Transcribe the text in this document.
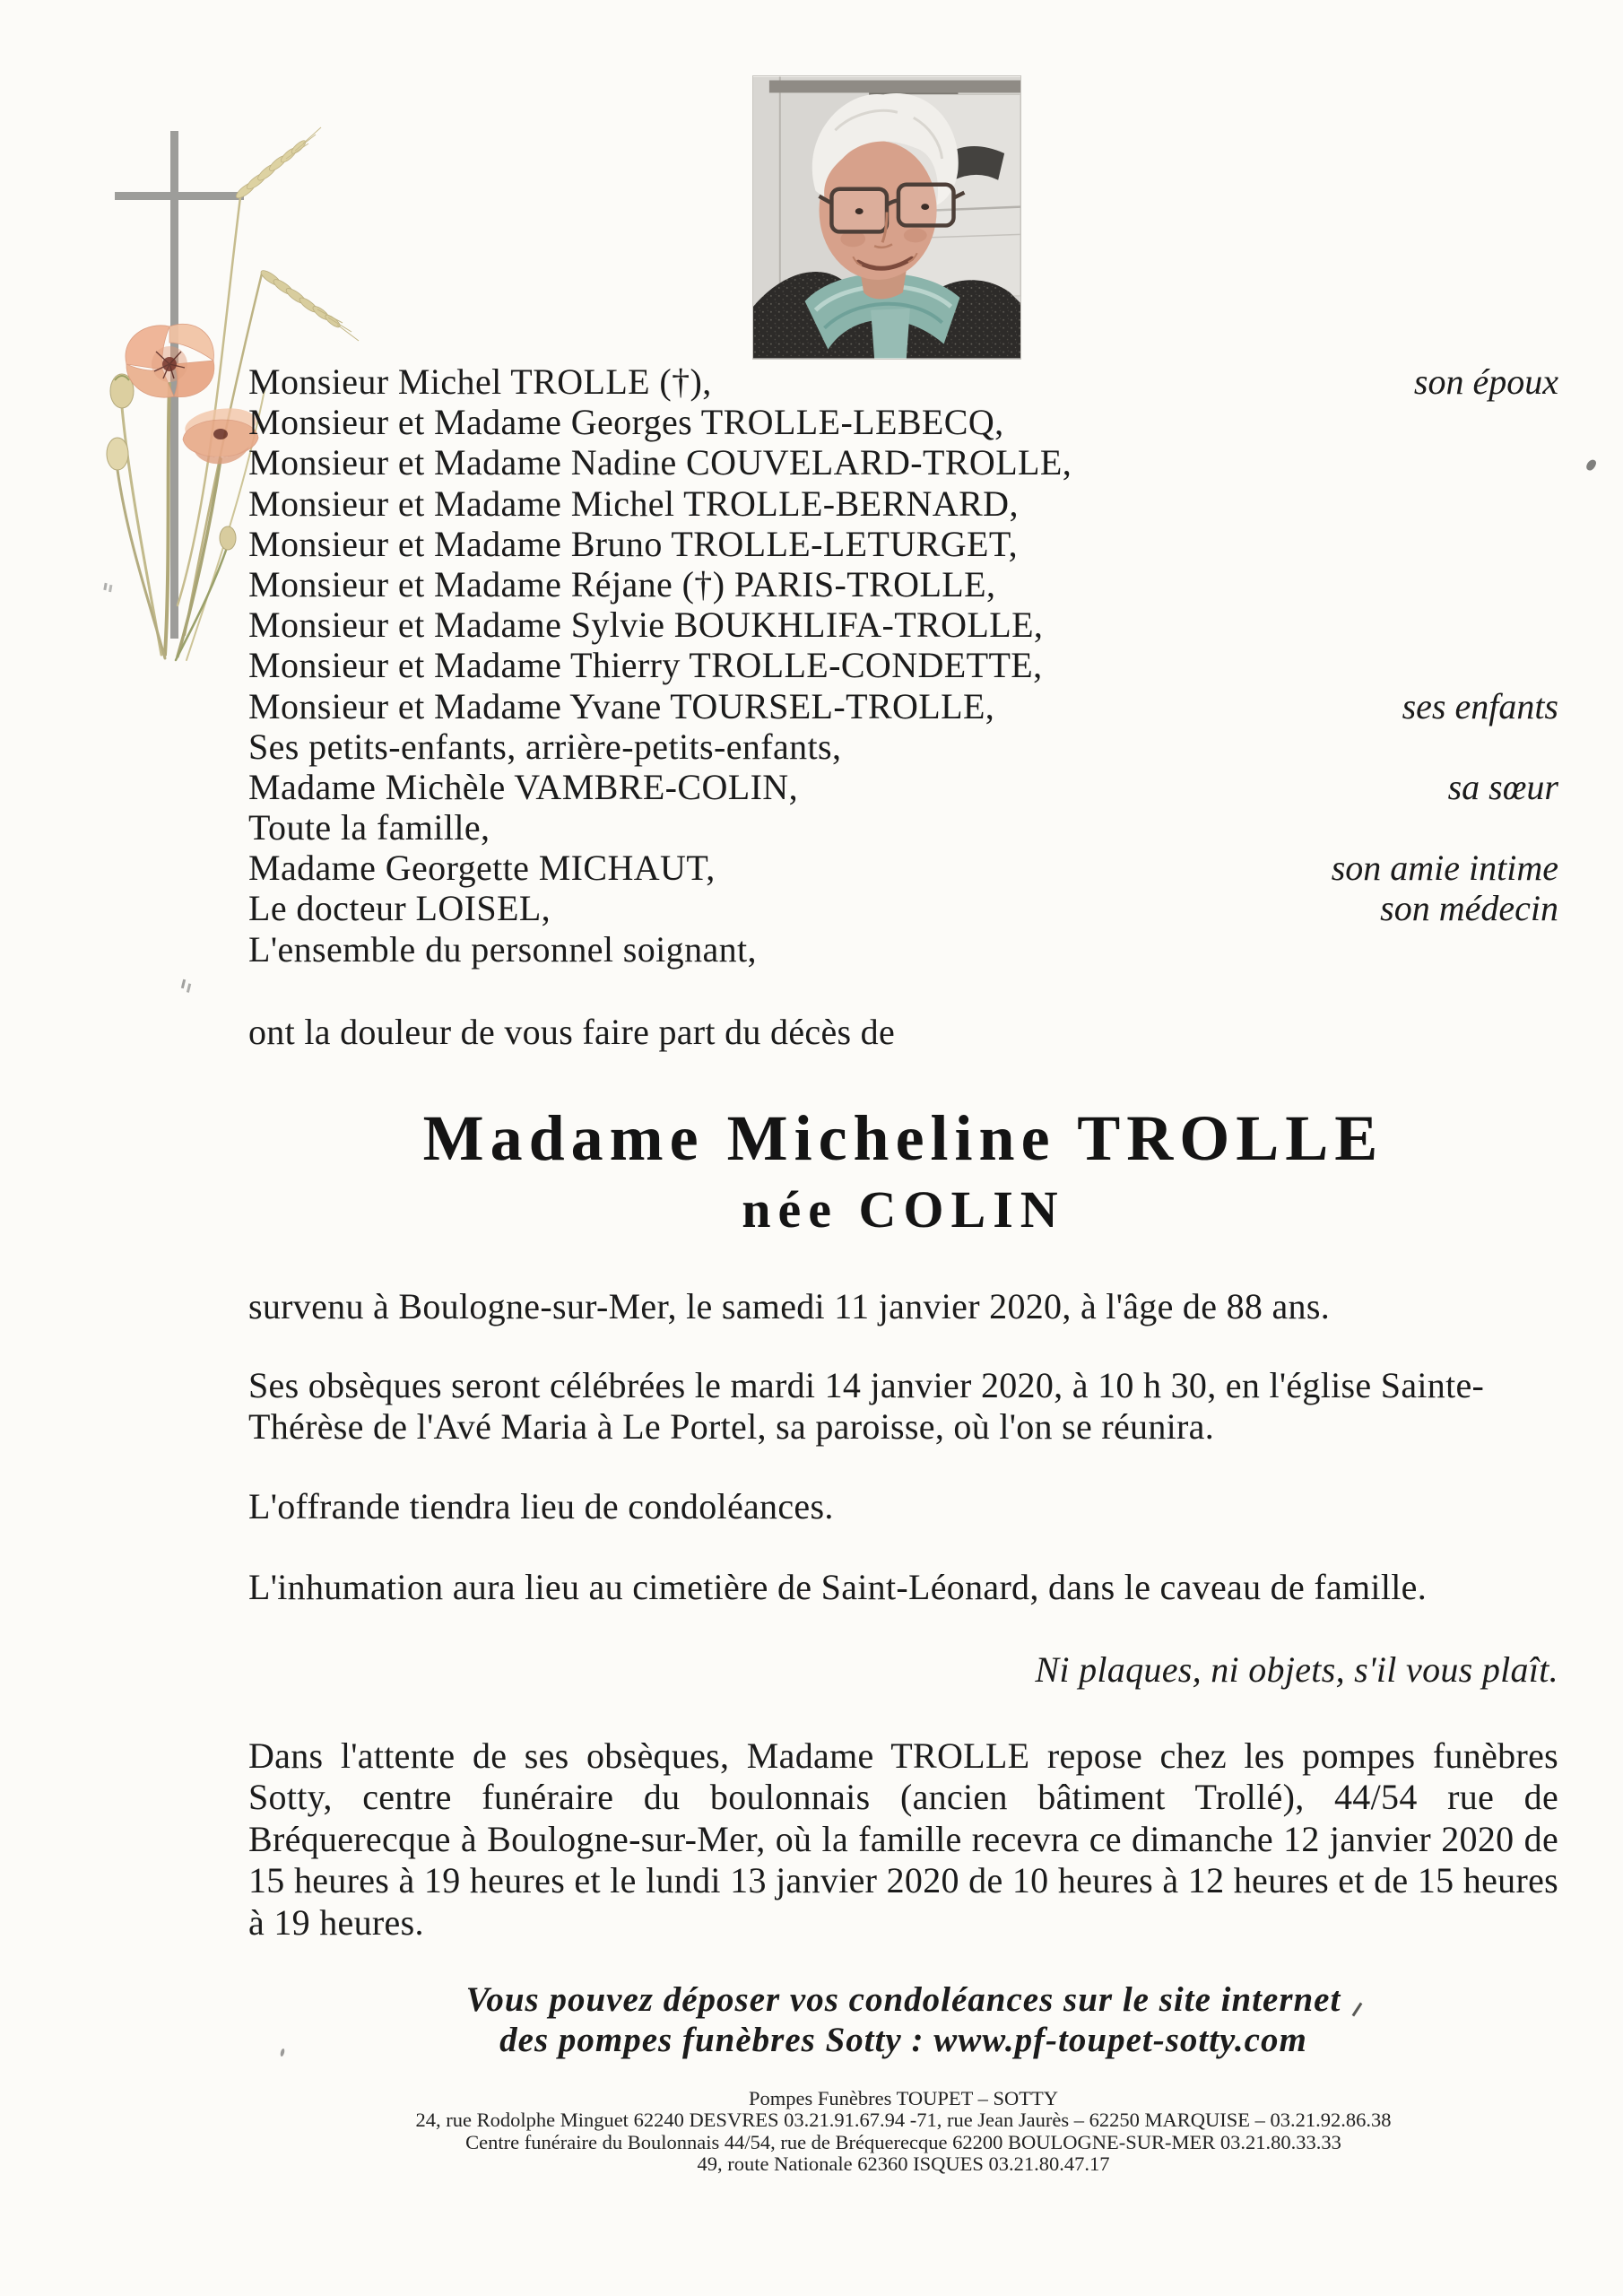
Monsieur Michel TROLLE (†),	son époux
Monsieur et Madame Georges TROLLE-LEBECQ,
Monsieur et Madame Nadine COUVELARD-TROLLE,
Monsieur et Madame Michel TROLLE-BERNARD,
Monsieur et Madame Bruno TROLLE-LETURGET,
Monsieur et Madame Réjane (†) PARIS-TROLLE,
Monsieur et Madame Sylvie BOUKHLIFA-TROLLE,
Monsieur et Madame Thierry TROLLE-CONDETTE,
Monsieur et Madame Yvane TOURSEL-TROLLE,	ses enfants
Ses petits-enfants, arrière-petits-enfants,
Madame Michèle VAMBRE-COLIN,	sa sœur
Toute la famille,
Madame Georgette MICHAUT,	son amie intime
Le docteur LOISEL,	son médecin
L'ensemble du personnel soignant,
ont la douleur de vous faire part du décès de
Madame Micheline TROLLE
née COLIN
survenu à Boulogne-sur-Mer, le samedi 11 janvier 2020, à l'âge de 88 ans.
Ses obsèques seront célébrées le mardi 14 janvier 2020, à 10 h 30, en l'église Sainte-Thérèse de l'Avé Maria à Le Portel, sa paroisse, où l'on se réunira.
L'offrande tiendra lieu de condoléances.
L'inhumation aura lieu au cimetière de Saint-Léonard, dans le caveau de famille.
Ni plaques, ni objets, s'il vous plaît.
Dans l'attente de ses obsèques, Madame TROLLE repose chez les pompes funèbres Sotty, centre funéraire du boulonnais (ancien bâtiment Trollé), 44/54 rue de Bréquerecque à Boulogne-sur-Mer, où la famille recevra ce dimanche 12 janvier 2020 de 15 heures à 19 heures et le lundi 13 janvier 2020 de 10 heures à 12 heures et de 15 heures à 19 heures.
Vous pouvez déposer vos condoléances sur le site internet
des pompes funèbres Sotty : www.pf-toupet-sotty.com
Pompes Funèbres TOUPET – SOTTY
24, rue Rodolphe Minguet 62240 DESVRES 03.21.91.67.94 -71, rue Jean Jaurès – 62250 MARQUISE – 03.21.92.86.38
Centre funéraire du Boulonnais 44/54, rue de Bréquerecque 62200 BOULOGNE-SUR-MER 03.21.80.33.33
49, route Nationale 62360 ISQUES 03.21.80.47.17
